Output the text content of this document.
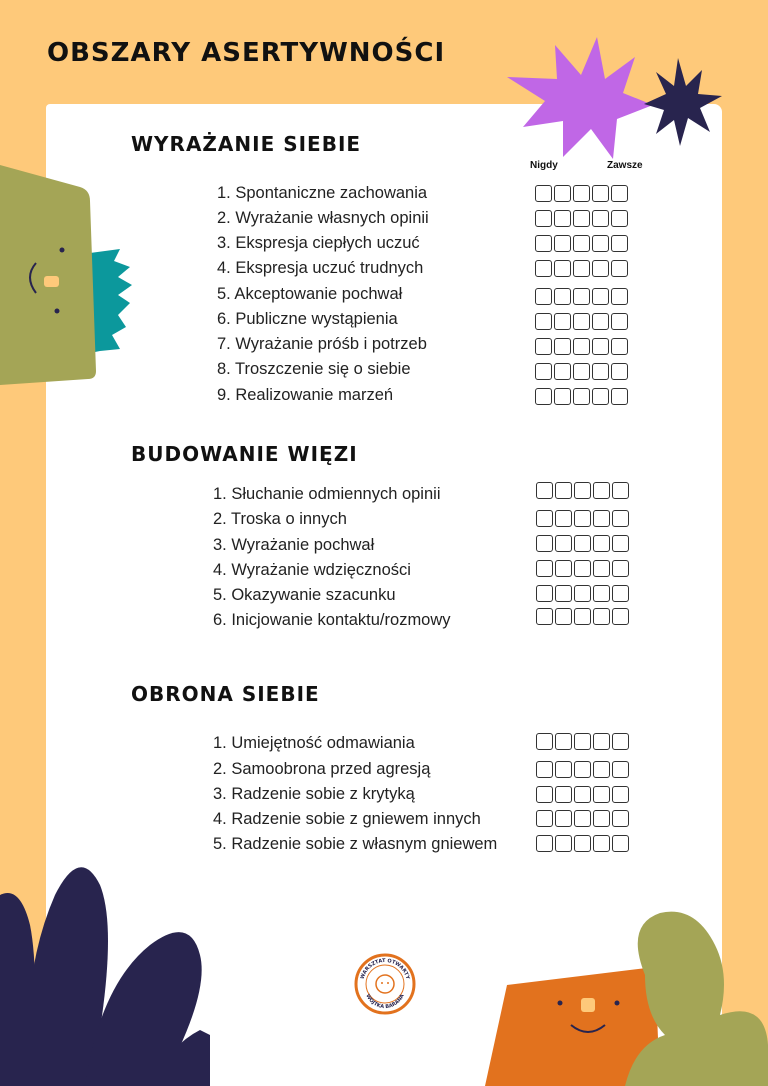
OBSZARY ASERTYWNOŚCI
WYRAŻANIE SIEBIE
Nigdy	Zawsze
1. Spontaniczne zachowania
2. Wyrażanie własnych opinii
3. Ekspresja ciepłych uczuć
4. Ekspresja uczuć trudnych
5. Akceptowanie pochwał
6. Publiczne wystąpienia
7. Wyrażanie próśb i potrzeb
8. Troszczenie się o siebie
9. Realizowanie marzeń
BUDOWANIE WIĘZI
1. Słuchanie odmiennych opinii
2. Troska o innych
3. Wyrażanie pochwał
4. Wyrażanie wdzięczności
5. Okazywanie szacunku
6. Inicjowanie kontaktu/rozmowy
OBRONA SIEBIE
1. Umiejętność odmawiania
2. Samoobrona przed agresją
3. Radzenie sobie z krytyką
4. Radzenie sobie z gniewem innych
5. Radzenie sobie z własnym gniewem
WARSZTAT OTWARTY
WOJTKA BARANA
